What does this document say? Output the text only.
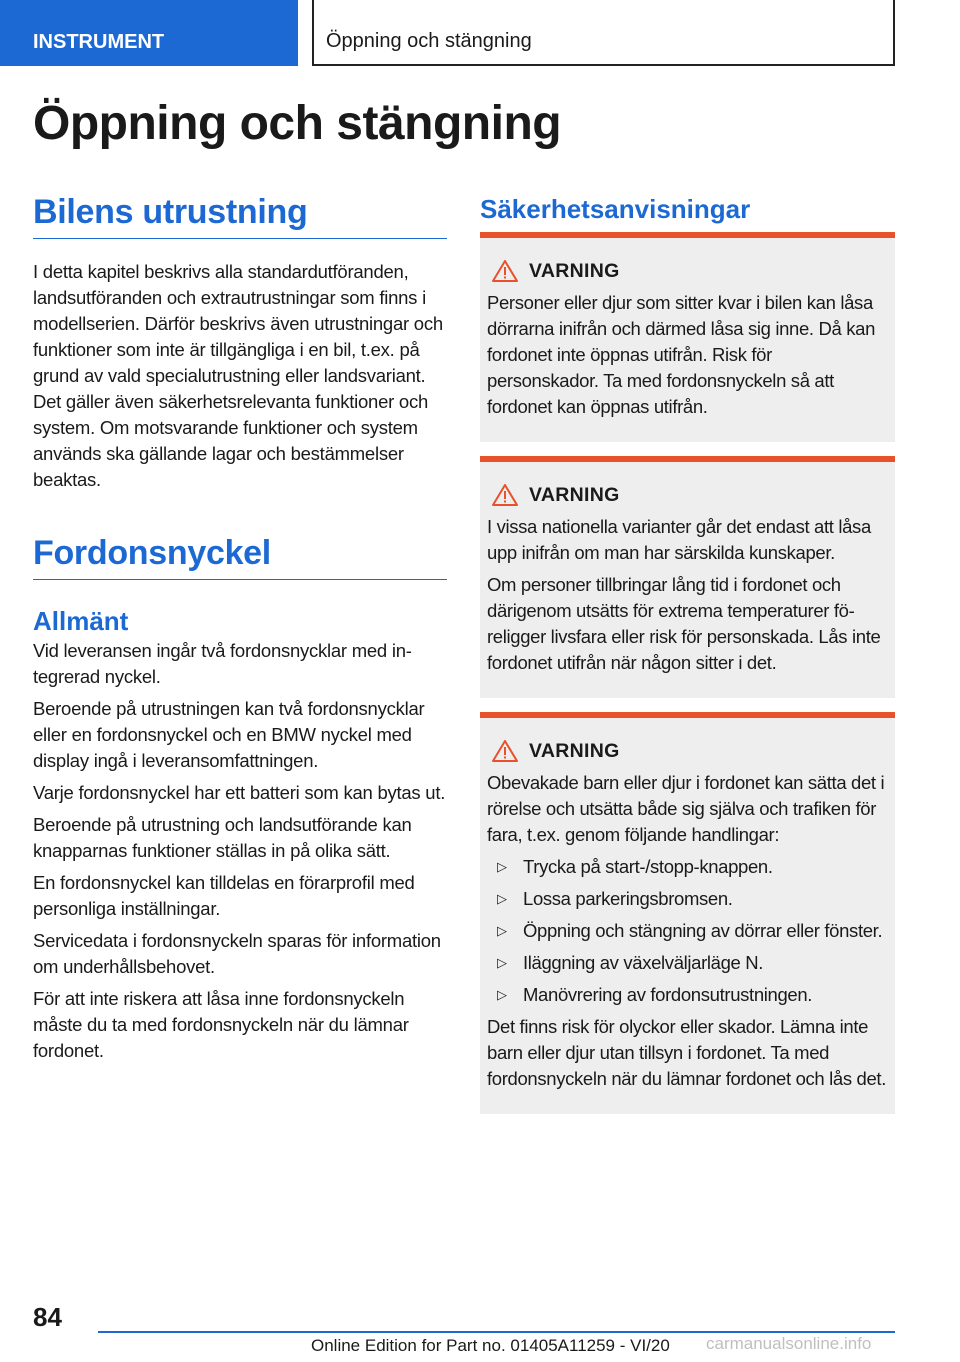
INSTRUMENT	Öppning och stängning
Öppning och stängning
Bilens utrustning

I detta kapitel beskrivs alla standardutföranden, landsutföranden och extrautrustningar som finns i modellserien. Därför beskrivs även utrustningar och funktioner som inte är tillgängliga i en bil, t.ex. på grund av vald specialutrustning eller landsvariant. Det gäller även säkerhetsrelevanta funktioner och system. Om motsvarande funktioner och system används ska gällande lagar och bestämmelser beaktas.

Fordonsnyckel
Allmänt

Vid leveransen ingår två fordonsnycklar med integrerad nyckel.

Beroende på utrustningen kan två fordonsnycklar eller en fordonsnyckel och en BMW nyckel med display ingå i leveransomfattningen.

Varje fordonsnyckel har ett batteri som kan bytas ut.

Beroende på utrustning och landsutförande kan knapparnas funktioner ställas in på olika sätt.

En fordonsnyckel kan tilldelas en förarprofil med personliga inställningar.

Servicedata i fordonsnyckeln sparas för information om underhållsbehovet.

För att inte riskera att låsa inne fordonsnyckeln måste du ta med fordonsnyckeln när du lämnar fordonet.

Säkerhetsanvisningar
VARNING

Personer eller djur som sitter kvar i bilen kan låsa dörrarna inifrån och därmed låsa sig inne. Då kan fordonet inte öppnas utifrån. Risk för personskador. Ta med fordonsnyckeln så att fordonet kan öppnas utifrån.

VARNING

I vissa nationella varianter går det endast att låsa upp inifrån om man har särskilda kunskaper.

Om personer tillbringar lång tid i fordonet och därigenom utsätts för extrema temperaturer föreligger livsfara eller risk för personskada. Lås inte fordonet utifrån när någon sitter i det.

VARNING

Obevakade barn eller djur i fordonet kan sätta det i rörelse och utsätta både sig själva och trafiken för fara, t.ex. genom följande handlingar:

▷ Trycka på start-/stopp-knappen.
▷ Lossa parkeringsbromsen.
▷ Öppning och stängning av dörrar eller fönster.
▷ Iläggning av växelväljarläge N.
▷ Manövrering av fordonsutrustningen.

Det finns risk för olyckor eller skador. Lämna inte barn eller djur utan tillsyn i fordonet. Ta med fordonsnyckeln när du lämnar fordonet och lås det.

84
Online Edition for Part no. 01405A11259 - VI/20 carmanualsonline.info
